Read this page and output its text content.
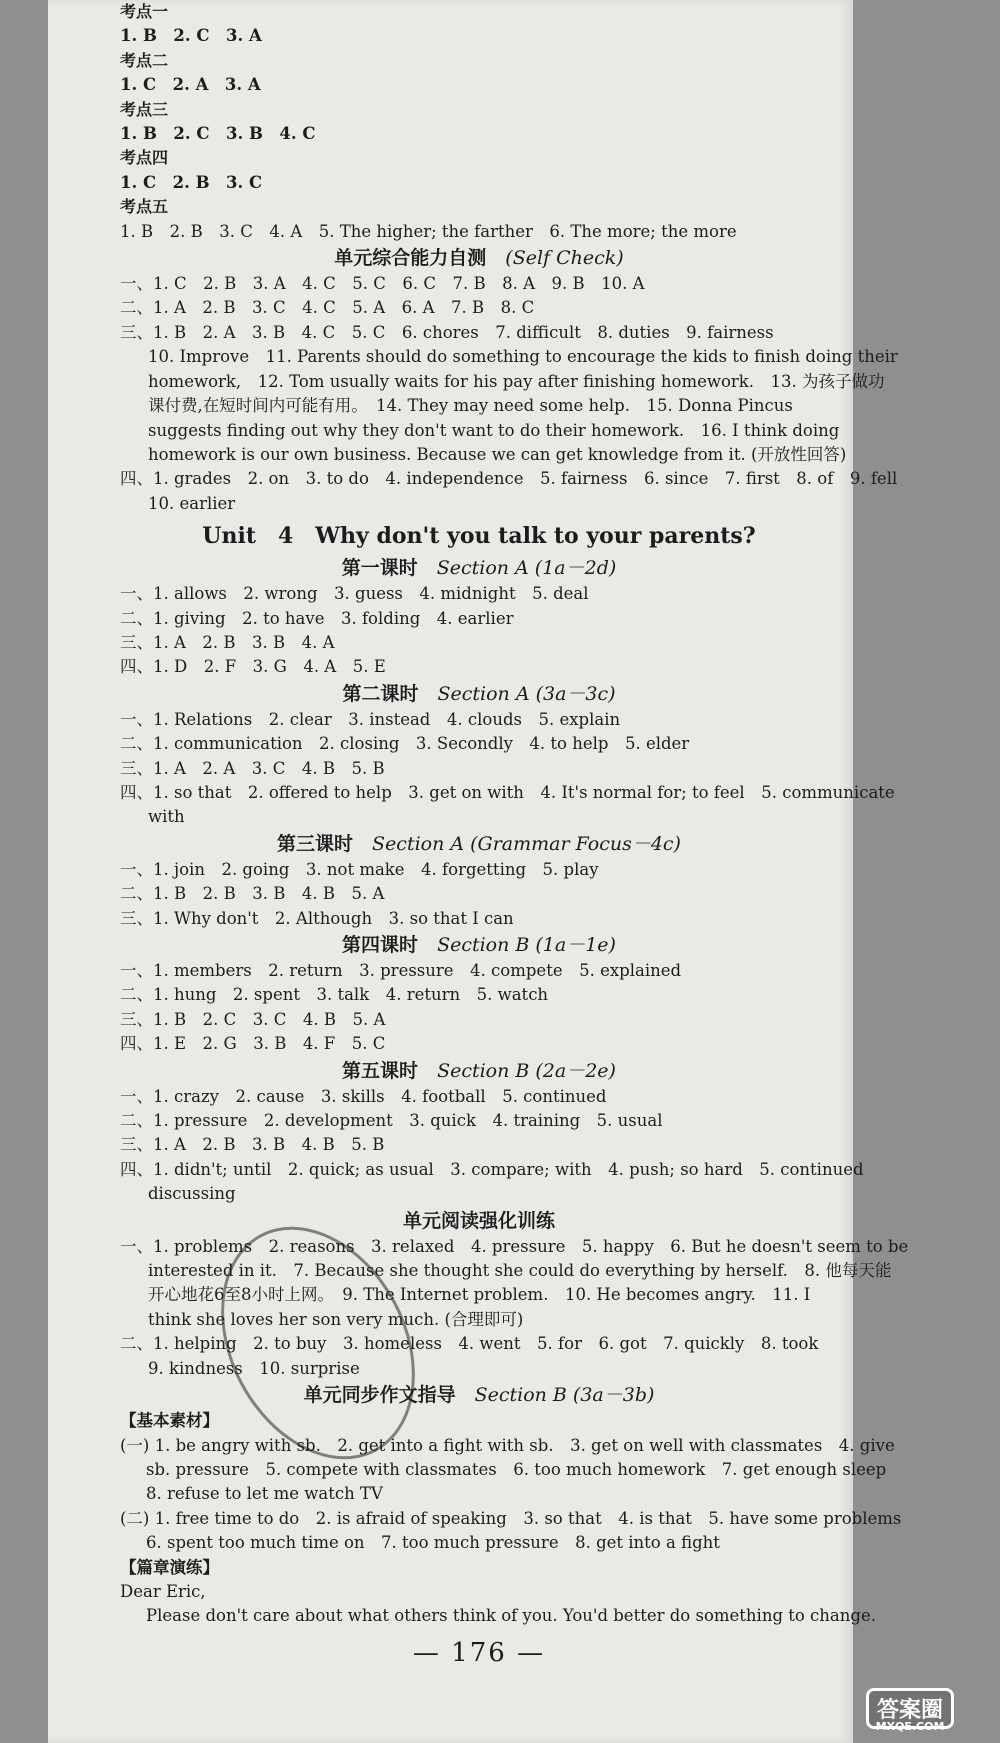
考点一
1. B　2. C　3. A
考点二
1. C　2. A　3. A
考点三
1. B　2. C　3. B　4. C
考点四
1. C　2. B　3. C
考点五
1. B　2. B　3. C　4. A　5. The higher; the farther　6. The more; the more
单元综合能力自测　 (Self Check)
一、1. C　2. B　3. A　4. C　5. C　6. C　7. B　8. A　9. B　10. A
二、1. A　2. B　3. C　4. C　5. A　6. A　7. B　8. C
三、1. B　2. A　3. B　4. C　5. C　6. chores　7. difficult　8. duties　9. fairness
10. Improve　11. Parents should do something to encourage the kids to finish doing their
homework,　12. Tom usually waits for his pay after finishing homework.　13. 为孩子做功
课付费,在短时间内可能有用。　14. They may need some help.　15. Donna Pincus
suggests finding out why they don't want to do their homework.　16. I think doing
homework is our own business. Because we can get knowledge from it. (开放性回答)
四、1. grades　2. on　3. to do　4. independence　5. fairness　6. since　7. first　8. of　9. fell
10. earlier
Unit　4　Why don't you talk to your parents?
第一课时　 Section A (1a－2d)
一、1. allows　2. wrong　3. guess　4. midnight　5. deal
二、1. giving　2. to have　3. folding　4. earlier
三、1. A　2. B　3. B　4. A
四、1. D　2. F　3. G　4. A　5. E
第二课时　 Section A (3a－3c)
一、1. Relations　2. clear　3. instead　4. clouds　5. explain
二、1. communication　2. closing　3. Secondly　4. to help　5. elder
三、1. A　2. A　3. C　4. B　5. B
四、1. so that　2. offered to help　3. get on with　4. It's normal for; to feel　5. communicate
with
第三课时　 Section A (Grammar Focus－4c)
一、1. join　2. going　3. not make　4. forgetting　5. play
二、1. B　2. B　3. B　4. B　5. A
三、1. Why don't　2. Although　3. so that I can
第四课时　 Section B (1a－1e)
一、1. members　2. return　3. pressure　4. compete　5. explained
二、1. hung　2. spent　3. talk　4. return　5. watch
三、1. B　2. C　3. C　4. B　5. A
四、1. E　2. G　3. B　4. F　5. C
第五课时　 Section B (2a－2e)
一、1. crazy　2. cause　3. skills　4. football　5. continued
二、1. pressure　2. development　3. quick　4. training　5. usual
三、1. A　2. B　3. B　4. B　5. B
四、1. didn't; until　2. quick; as usual　3. compare; with　4. push; so hard　5. continued
discussing
单元阅读强化训练
一、1. problems　2. reasons　3. relaxed　4. pressure　5. happy　6. But he doesn't seem to be
interested in it.　7. Because she thought she could do everything by herself.　8. 他每天能
开心地花6至8小时上网。　9. The Internet problem.　10. He becomes angry.　11. I
think she loves her son very much. (合理即可)
二、1. helping　2. to buy　3. homeless　4. went　5. for　6. got　7. quickly　8. took
9. kindness　10. surprise
单元同步作文指导　 Section B (3a－3b)
【基本素材】
(一) 1. be angry with sb.　2. get into a fight with sb.　3. get on well with classmates　4. give
sb. pressure　5. compete with classmates　6. too much homework　7. get enough sleep
8. refuse to let me watch TV
(二) 1. free time to do　2. is afraid of speaking　3. so that　4. is that　5. have some problems
6. spent too much time on　7. too much pressure　8. get into a fight
【篇章演练】
Dear Eric,
Please don't care about what others think of you. You'd better do something to change.
— 176 —
答案圈
MXQE.COM
